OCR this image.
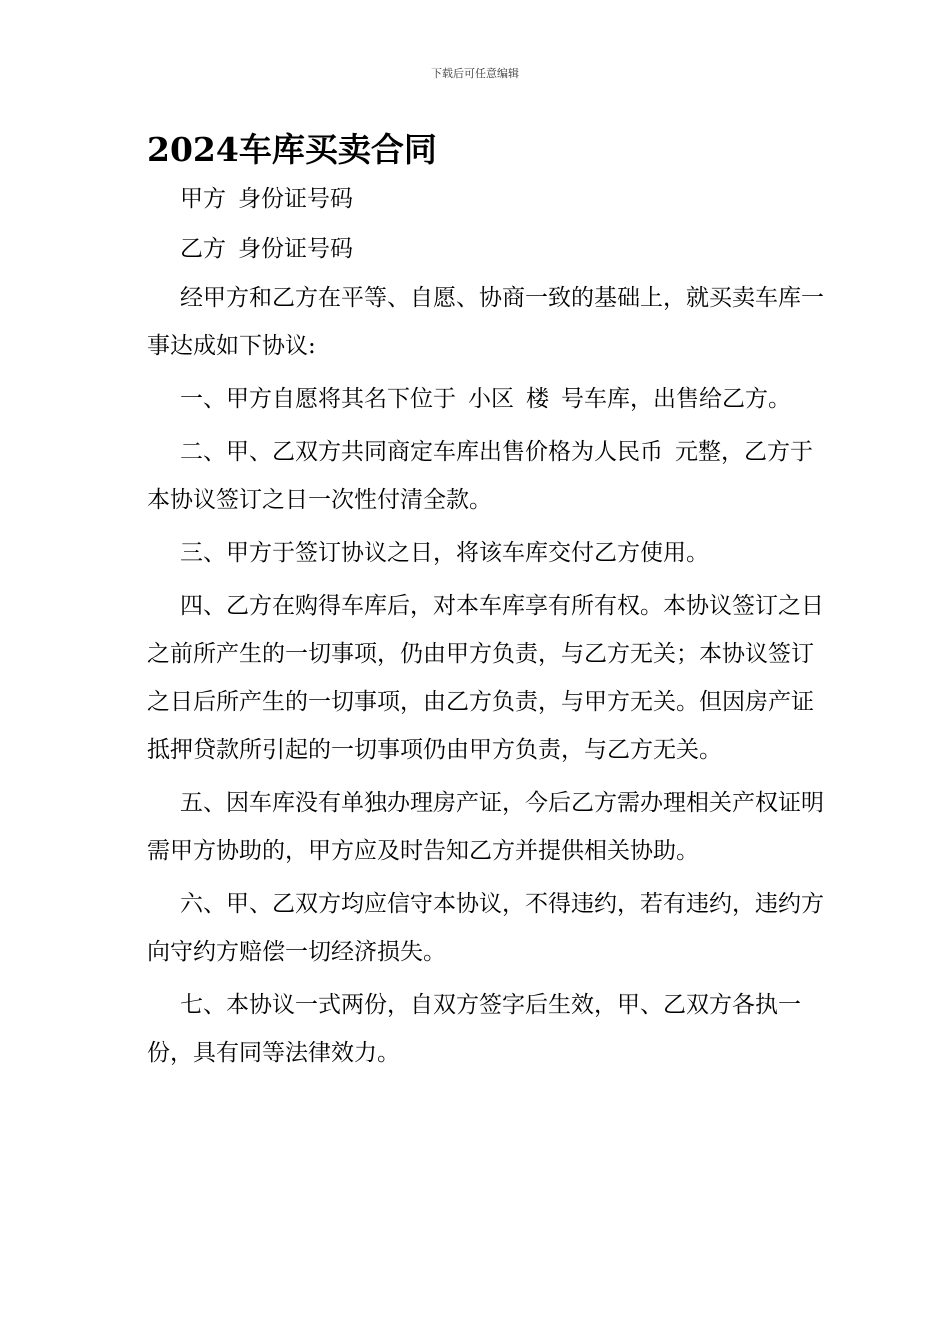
下载后可任意编辑
2024车库买卖合同

甲方 身份证号码

乙方 身份证号码

经甲方和乙方在平等、自愿、协商一致的基础上，就买卖车库一事达成如下协议:

一、甲方自愿将其名下位于 小区 楼 号车库，出售给乙方。

二、甲、乙双方共同商定车库出售价格为人民币 元整，乙方于本协议签订之日一次性付清全款。

三、甲方于签订协议之日，将该车库交付乙方使用。

四、乙方在购得车库后，对本车库享有所有权。本协议签订之日之前所产生的一切事项，仍由甲方负责，与乙方无关；本协议签订之日后所产生的一切事项，由乙方负责，与甲方无关。但因房产证抵押贷款所引起的一切事项仍由甲方负责，与乙方无关。

五、因车库没有单独办理房产证，今后乙方需办理相关产权证明需甲方协助的，甲方应及时告知乙方并提供相关协助。

六、甲、乙双方均应信守本协议，不得违约，若有违约，违约方向守约方赔偿一切经济损失。

七、本协议一式两份，自双方签字后生效，甲、乙双方各执一份，具有同等法律效力。
